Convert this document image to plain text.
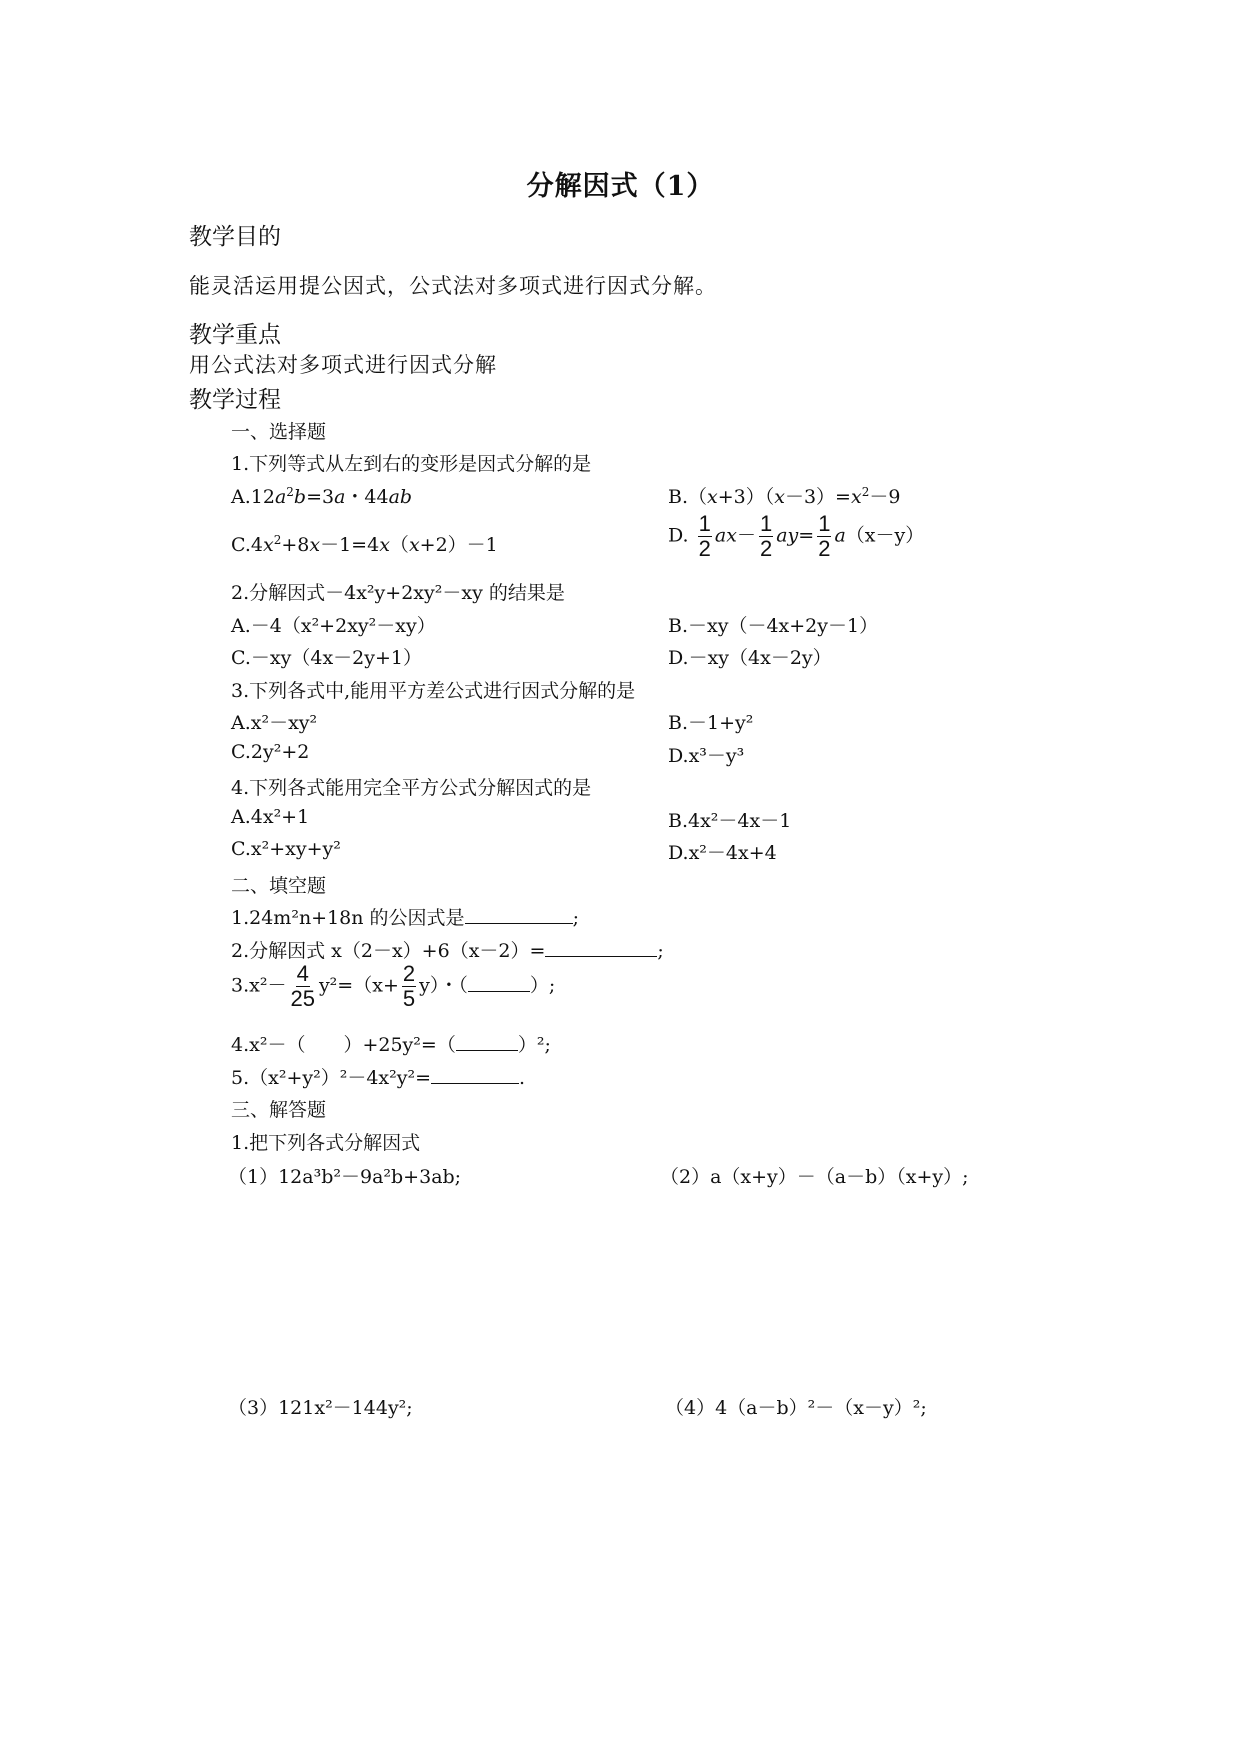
分解因式（1）
教学目的
能灵活运用提公因式，公式法对多项式进行因式分解。
教学重点
用公式法对多项式进行因式分解
教学过程
一、选择题
1.下列等式从左到右的变形是因式分解的是
$A.12a^2b=3a$・44ab	$B.(x+3)(x-3)=x^2-9$
$C.4x^2+8x-1=4x(x+2)-1$	D. $\frac{1}{2} ax- \frac{1}{2} ay= \frac{1}{2} a(x-y)$
2.分解因式－4x²y+2xy²－xy 的结果是
A.－4（x²+2xy²－xy）	B.－xy（－4x+2y－1）
C.－xy（4x－2y+1）	D.－xy（4x－2y）
3.下列各式中,能用平方差公式进行因式分解的是
A.x²－xy²	B.－1+y²
C.2y²+2	D.x³－y³
4.下列各式能用完全平方公式分解因式的是
A.4x²+1	B.4x²－4x－1
C.x²+xy+y²	D.x²－4x+4
二、填空题
1.24m²n+18n 的公因式是	;
2.分解因式 x（2－x）+6（x－2）=	;
$3.x^2- \frac{4}{25} y^2=(x+ \frac{2}{5} y)$・（	）;
4.x²－（　　）+25y²=（	）²;
5.（x²+y²）²－4x²y²=	.
三、解答题
1.把下列各式分解因式
（1）12a³b²－9a²b+3ab;	（2）a（x+y）－（a－b）（x+y）;
（3）121x²－144y²;	（4）4（a－b）²－（x－y）²;
